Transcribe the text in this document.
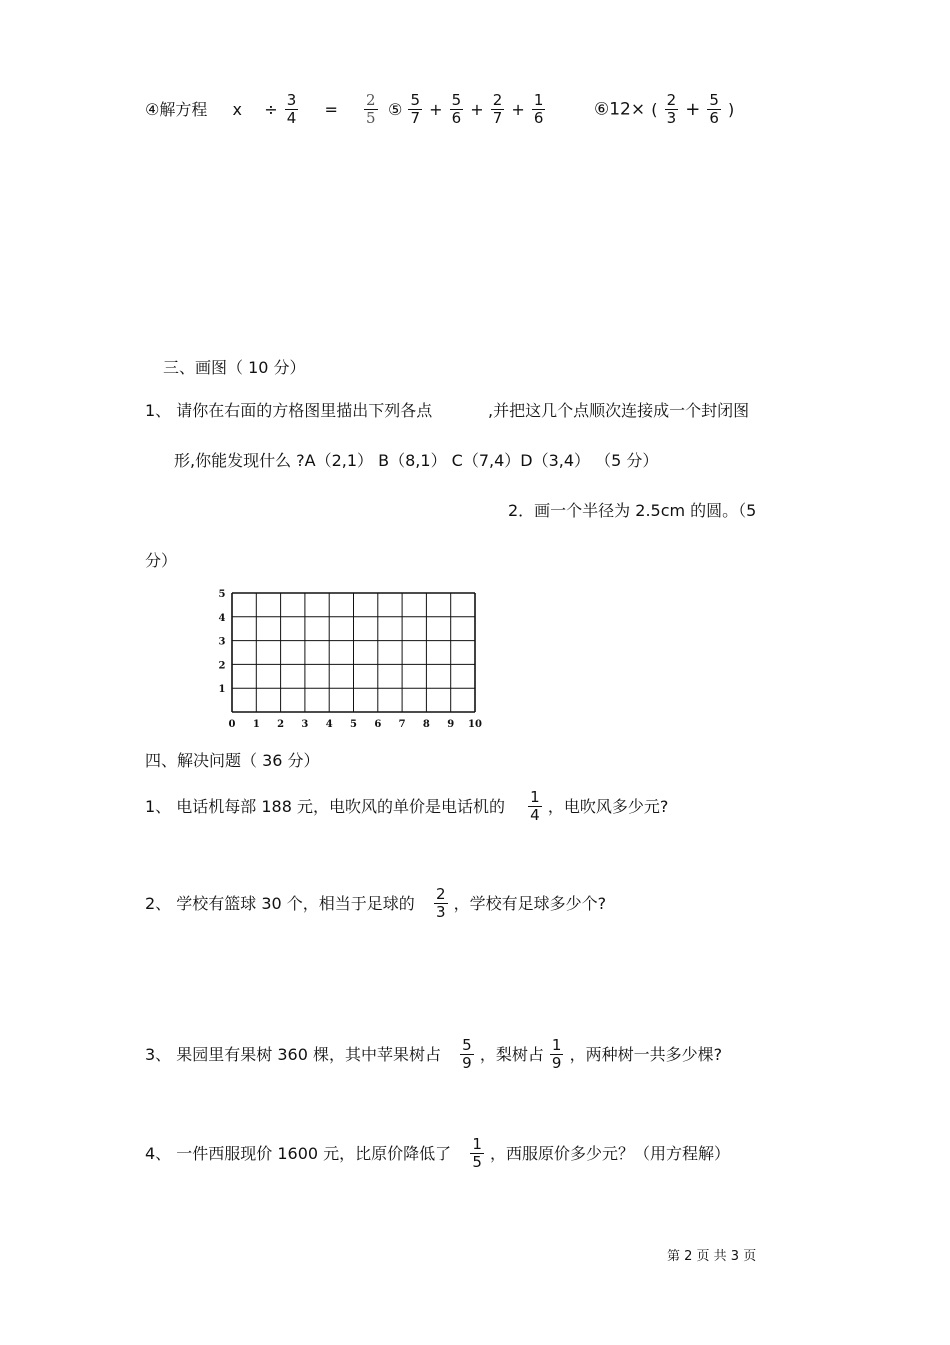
④解方程 $x \div \frac{3}{4} = \frac{2}{5}$ ⑤ $\frac{5}{7} + \frac{5}{6} + \frac{2}{7} + \frac{1}{6}$	⑥12× ( $\frac{2}{3} + \frac{5}{6}$ )
三、画图（ 10 分）
1、 请你在右面的方格图里描出下列各点	,并把这几个点顺次连接成一个封闭图
形,你能发现什么 ?A（2,1） B（8,1） C（7,4）D（3,4） （5 分）
2．画一个半径为 2.5cm 的圆。（5
分）
0 1 2 3 4 5 6 7 8 9 10
1
2
3
4
5
四、解决问题（ 36 分）
1、 电话机每部 188 元，电吹风的单价是电话机的 $\frac{1}{4}$ ，电吹风多少元?
2、 学校有篮球 30 个，相当于足球的 $\frac{2}{3}$ ，学校有足球多少个?
3、 果园里有果树 360 棵，其中苹果树占 $\frac{5}{9}$ ，梨树占 $\frac{1}{9}$ ，两种树一共多少棵?
4、 一件西服现价 1600 元，比原价降低了 $\frac{1}{5}$ ，西服原价多少元？（用方程解）
第 2 页 共 3 页
